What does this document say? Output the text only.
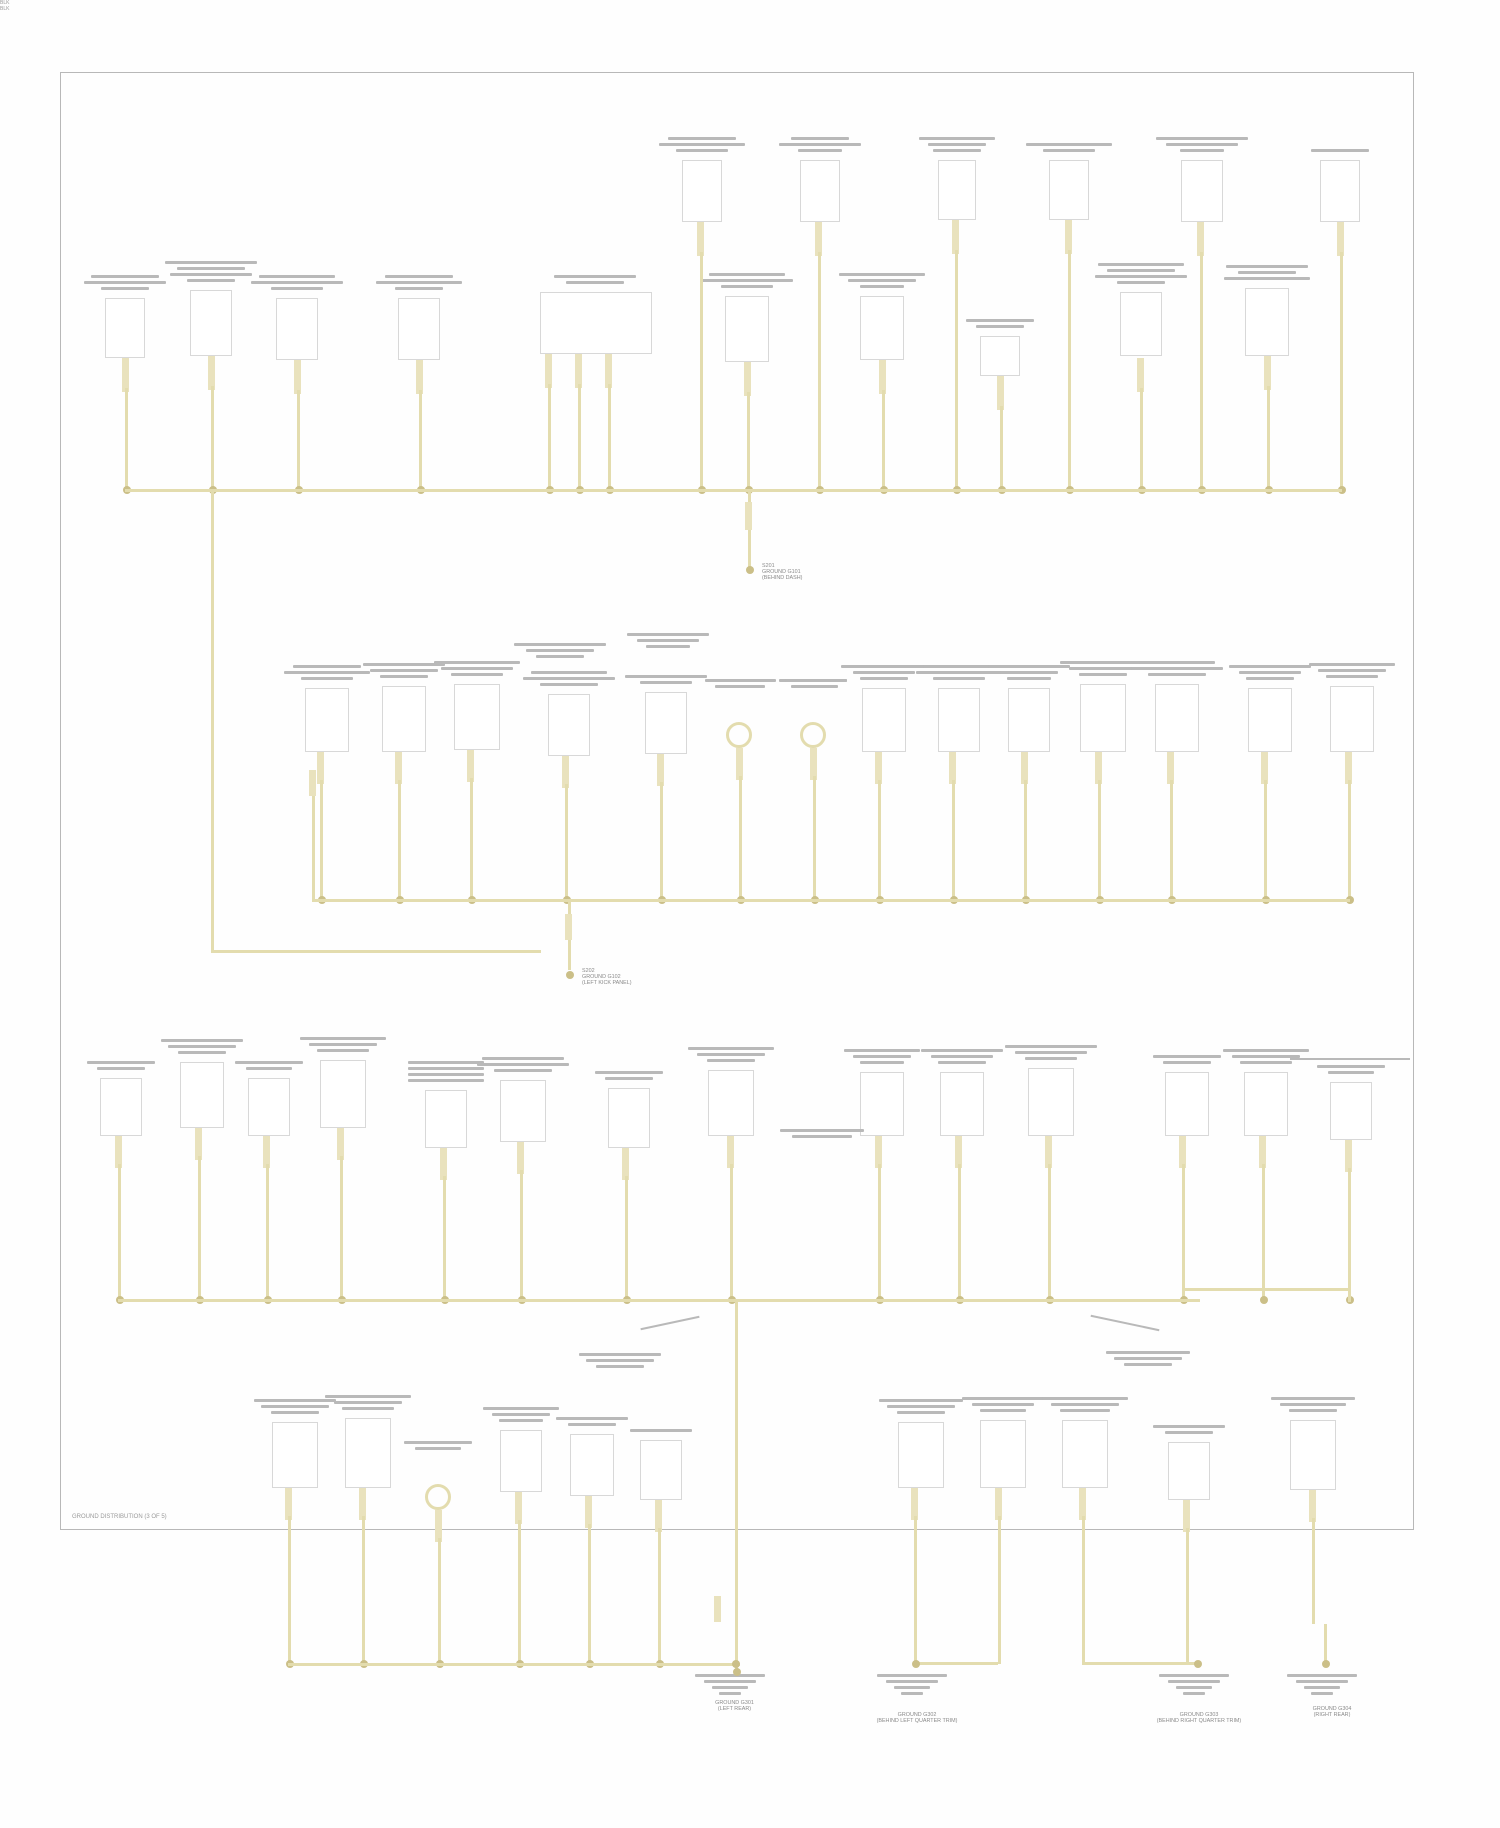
GROUND DISTRIBUTION (3 OF 5)
S201
GROUND G101
(BEHIND DASH)
BLK
S202
GROUND G102
(LEFT KICK PANEL)
BLK
GROUND G301
(LEFT REAR)
GROUND G302
(BEHIND LEFT QUARTER TRIM)
GROUND G303
(BEHIND RIGHT QUARTER TRIM)
GROUND G304
(RIGHT REAR)
